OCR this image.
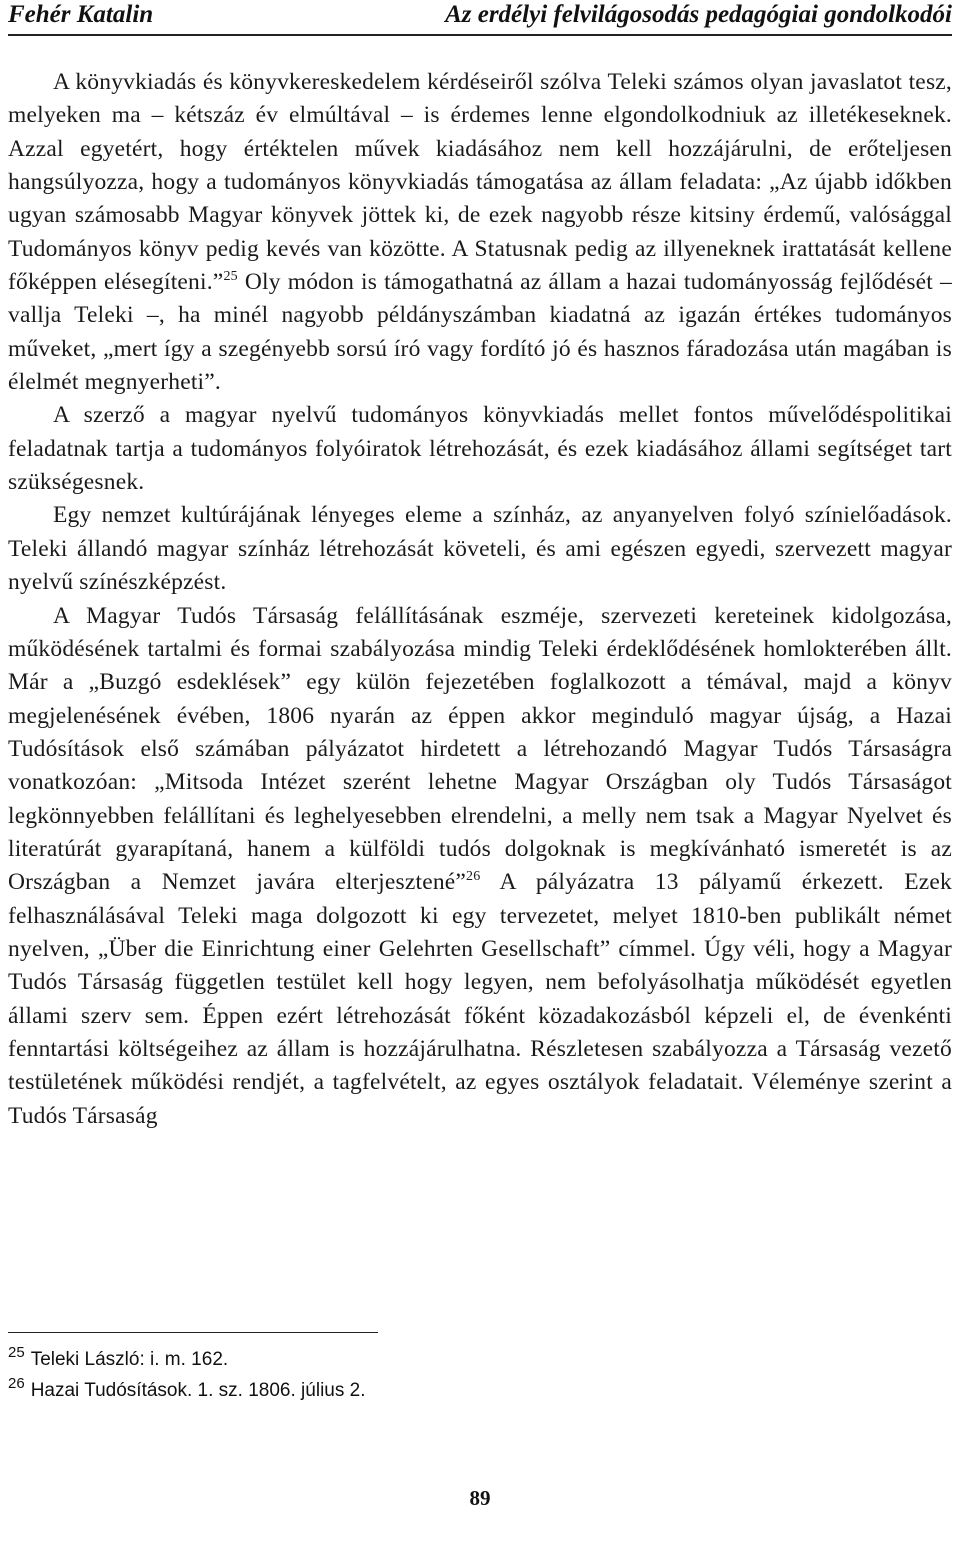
Fehér Katalin	Az erdélyi felvilágosodás pedagógiai gondolkodói

A könyvkiadás és könyvkereskedelem kérdéseiről szólva Teleki számos olyan javaslatot tesz, melyeken ma – kétszáz év elmúltával – is érdemes lenne elgondolkodniuk az illetékeseknek. Azzal egyetért, hogy értéktelen művek kiadásához nem kell hozzájárulni, de erőteljesen hangsúlyozza, hogy a tudományos könyvkiadás támogatása az állam feladata: „Az újabb időkben ugyan számosabb Magyar könyvek jöttek ki, de ezek nagyobb része kitsiny érdemű, valósággal Tudományos könyv pedig kevés van közötte. A Statusnak pedig az illyeneknek irattatását kellene főképpen elésegíteni.”$^{25}$ Oly módon is támogathatná az állam a hazai tudományosság fejlődését – vallja Teleki –, ha minél nagyobb példányszámban kiadatná az igazán értékes tudományos műveket, „mert így a szegényebb sorsú író vagy fordító jó és hasznos fáradozása után magában is élelmét megnyerheti”.

A szerző a magyar nyelvű tudományos könyvkiadás mellet fontos művelődéspolitikai feladatnak tartja a tudományos folyóiratok létrehozását, és ezek kiadásához állami segítséget tart szükségesnek.

Egy nemzet kultúrájának lényeges eleme a színház, az anyanyelven folyó színielőadások. Teleki állandó magyar színház létrehozását követeli, és ami egészen egyedi, szervezett magyar nyelvű színészképzést.

A Magyar Tudós Társaság felállításának eszméje, szervezeti kereteinek kidolgozása, működésének tartalmi és formai szabályozása mindig Teleki érdeklődésének homlokterében állt. Már a „Buzgó esdeklések” egy külön fejezetében foglalkozott a témával, majd a könyv megjelenésének évében, 1806 nyarán az éppen akkor meginduló magyar újság, a Hazai Tudósítások első számában pályázatot hirdetett a létrehozandó Magyar Tudós Társaságra vonatkozóan: „Mitsoda Intézet szerént lehetne Magyar Országban oly Tudós Társaságot legkönnyebben felállítani és leghelyesebben elrendelni, a melly nem tsak a Magyar Nyelvet és literatúrát gyarapítaná, hanem a külföldi tudós dolgoknak is megkívánható ismeretét is az Országban a Nemzet javára elterjesztené”$^{26}$ A pályázatra 13 pályamű érkezett. Ezek felhasználásával Teleki maga dolgozott ki egy tervezetet, melyet 1810-ben publikált német nyelven, „Über die Einrichtung einer Gelehrten Gesellschaft” címmel. Úgy véli, hogy a Magyar Tudós Társaság független testület kell hogy legyen, nem befolyásolhatja működését egyetlen állami szerv sem. Éppen ezért létrehozását főként közadakozásból képzeli el, de évenkénti fenntartási költségeihez az állam is hozzájárulhatna. Részletesen szabályozza a Társaság vezető testületének működési rendjét, a tagfelvételt, az egyes osztályok feladatait. Véleménye szerint a Tudós Társaság

$^{25}$ Teleki László: i. m. 162.
$^{26}$ Hazai Tudósítások. 1. sz. 1806. július 2.
89
